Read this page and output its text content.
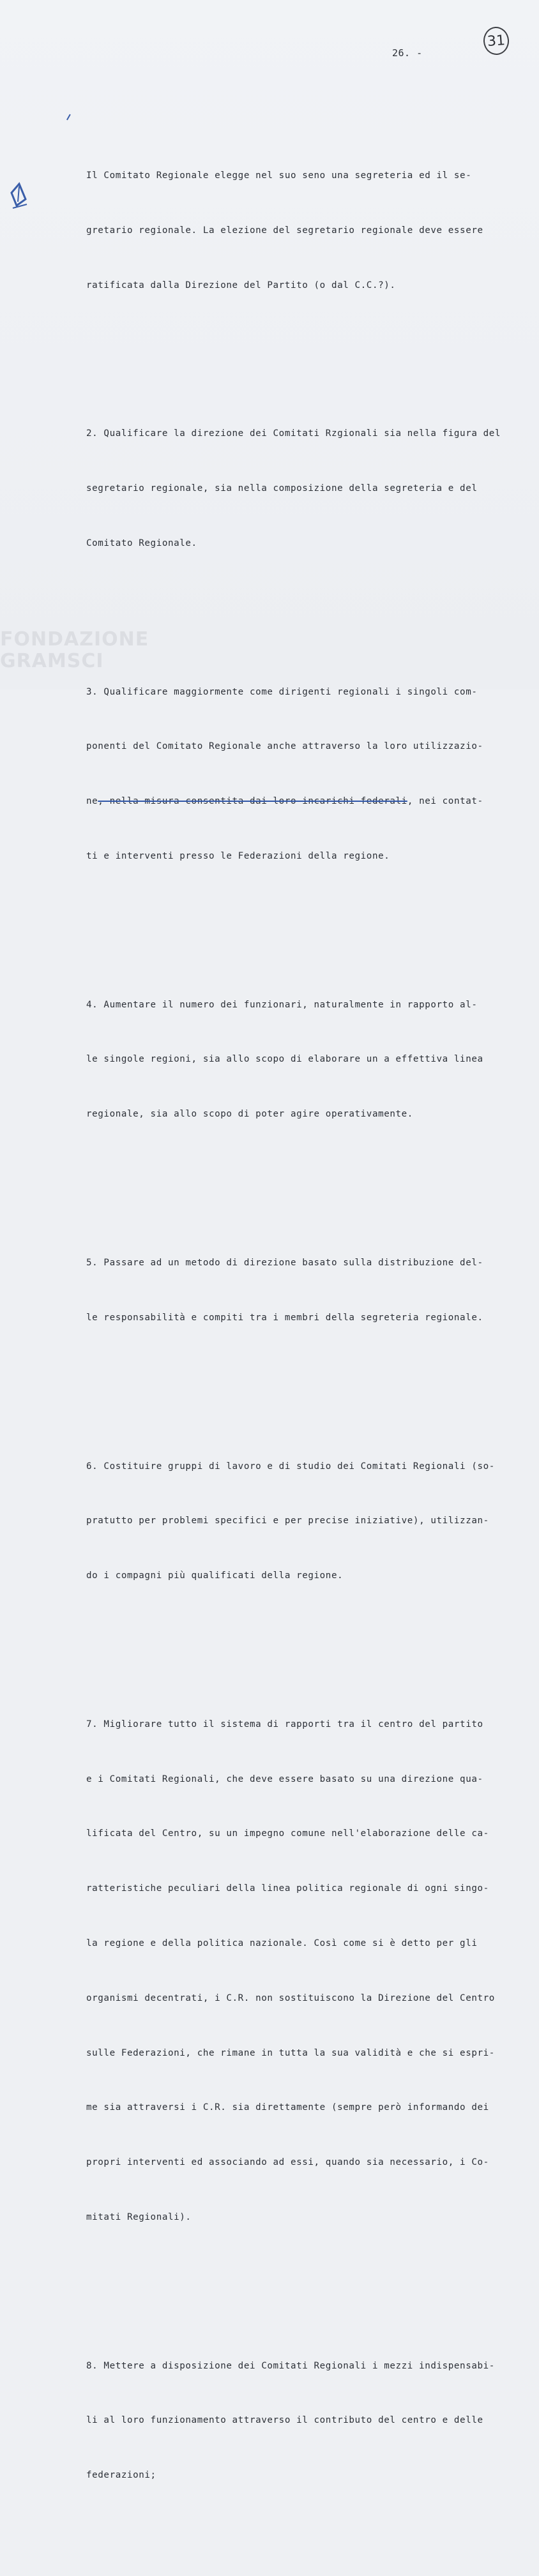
31
26. -

Il Comitato Regionale elegge nel suo seno una segreteria ed il se-

gretario regionale. La elezione del segretario regionale deve essere

ratificata dalla Direzione del Partito (o dal C.C.?).

2. Qualificare la direzione dei Comitati Rzgionali sia nella figura del

segretario regionale, sia nella composizione della segreteria e del

Comitato Regionale.

3. Qualificare maggiormente come dirigenti regionali i singoli com-

ponenti del Comitato Regionale anche attraverso la loro utilizzazio-

ne, nella misura consentita dai loro incarichi federali, nei contat-

ti e interventi presso le Federazioni della regione.

4. Aumentare il numero dei funzionari, naturalmente in rapporto al-

le singole regioni, sia allo scopo di elaborare un a effettiva linea

regionale, sia allo scopo di poter agire operativamente.

5. Passare ad un metodo di direzione basato sulla distribuzione del-

le responsabilità e compiti tra i membri della segreteria regionale.

6. Costituire gruppi di lavoro e di studio dei Comitati Regionali (so-

pratutto per problemi specifici e per precise iniziative), utilizzan-

do i compagni più qualificati della regione.

7. Migliorare tutto il sistema di rapporti tra il centro del partito

e i Comitati Regionali, che deve essere basato su una direzione qua-

lificata del Centro, su un impegno comune nell'elaborazione delle ca-

ratteristiche peculiari della linea politica regionale di ogni singo-

la regione e della politica nazionale. Così come si è detto per gli

organismi decentrati, i C.R. non sostituiscono la Direzione del Centro

sulle Federazioni, che rimane in tutta la sua validità e che si espri-

me sia attraversi i C.R. sia direttamente (sempre però informando dei

propri interventi ed associando ad essi, quando sia necessario, i Co-

mitati Regionali).

8. Mettere a disposizione dei Comitati Regionali i mezzi indispensabi-

li al loro funzionamento attraverso il contributo del centro e delle

federazioni;

FONDAZIONE
GRAMSCI
